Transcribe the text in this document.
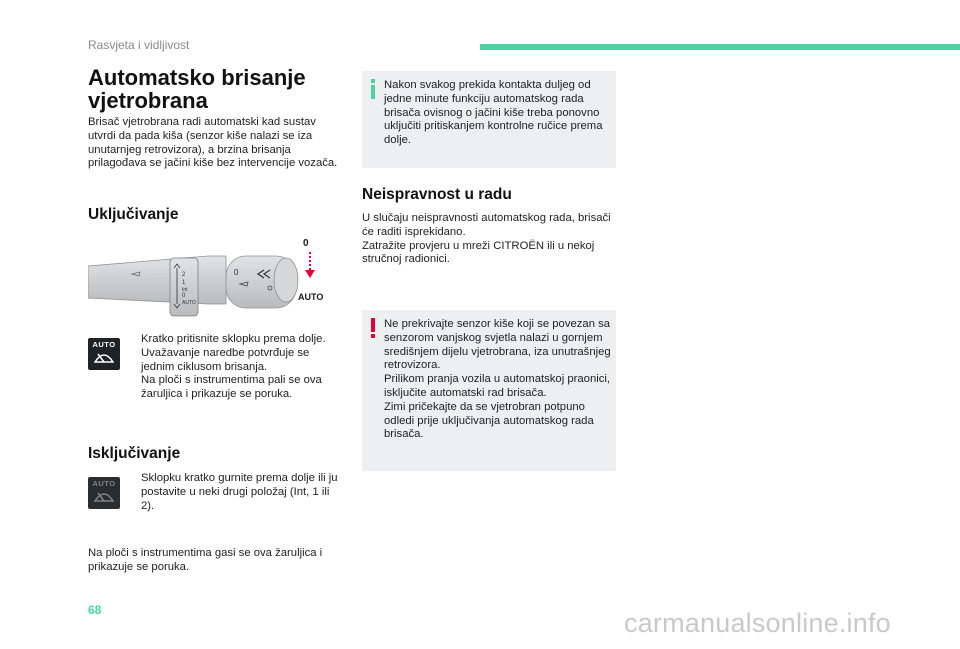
Rasvjeta i vidljivost
Automatsko brisanje vjetrobrana
Brisač vjetrobrana radi automatski kad sustav utvrdi da pada kiša (senzor kiše nalazi se iza unutarnjeg retrovizora), a brzina brisanja prilagođava se jačini kiše bez intervencije vozača.
Uključivanje
0
AUTO
2
1
Int
0
AUTO
0
AUTO	Kratko pritisnite sklopku prema dolje.
Uvažavanje naredbe potvrđuje se jednim ciklusom brisanja.
Na ploči s instrumentima pali se ova žaruljica i prikazuje se poruka.
Isključivanje
AUTO	Sklopku kratko gurnite prema dolje ili ju postavite u neki drugi položaj (Int, 1 ili 2).
Na ploči s instrumentima gasi se ova žaruljica i prikazuje se poruka.
Nakon svakog prekida kontakta duljeg od jedne minute funkciju automatskog rada brisača ovisnog o jačini kiše treba ponovno uključiti pritiskanjem kontrolne ručice prema dolje.
Neispravnost u radu
U slučaju neispravnosti automatskog rada, brisači će raditi isprekidano.
Zatražite provjeru u mreži CITROËN ili u nekoj stručnoj radionici.
Ne prekrivajte senzor kiše koji se povezan sa senzorom vanjskog svjetla nalazi u gornjem središnjem dijelu vjetrobrana, iza unutrašnjeg retrovizora.
Prilikom pranja vozila u automatskoj praonici, isključite automatski rad brisača.
Zimi pričekajte da se vjetrobran potpuno odledi prije uključivanja automatskog rada brisača.
68	carmanualsonline.info
